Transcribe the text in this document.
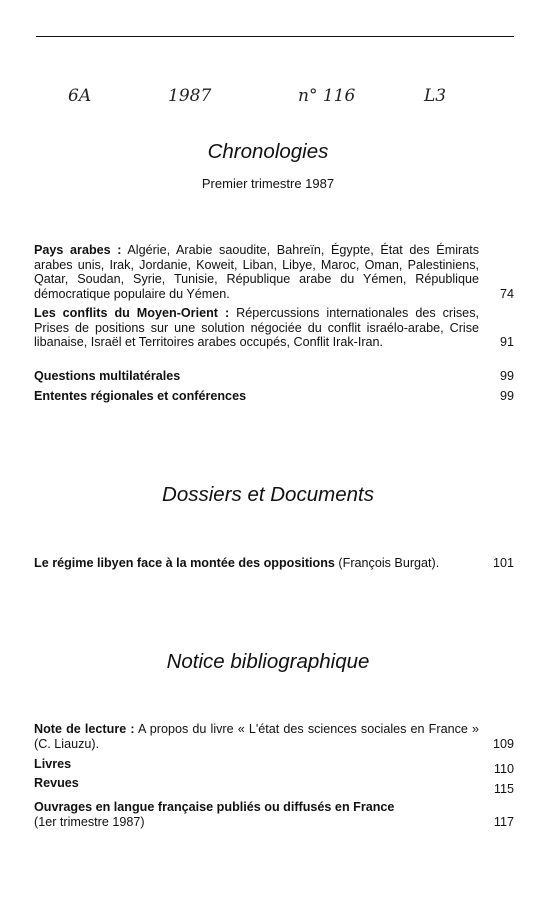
6A	1987	n° 116	L3
Chronologies
Premier trimestre 1987
Pays arabes : Algérie, Arabie saoudite, Bahreïn, Égypte, État des Émirats arabes unis, Irak, Jordanie, Koweit, Liban, Libye, Maroc, Oman, Palestiniens, Qatar, Soudan, Syrie, Tunisie, République arabe du Yémen, République démocratique populaire du Yémen.	74
Les conflits du Moyen-Orient : Répercussions internationales des crises, Prises de positions sur une solution négociée du conflit israélo-arabe, Crise libanaise, Israël et Territoires arabes occupés, Conflit Irak-Iran.	91
Questions multilatérales	99
Ententes régionales et conférences	99
Dossiers et Documents
Le régime libyen face à la montée des oppositions (François Burgat).	101
Notice bibliographique
Note de lecture : A propos du livre « L'état des sciences sociales en France » (C. Liauzu).	109
Livres	110
Revues	115
Ouvrages en langue française publiés ou diffusés en France
(1er trimestre 1987)	117
